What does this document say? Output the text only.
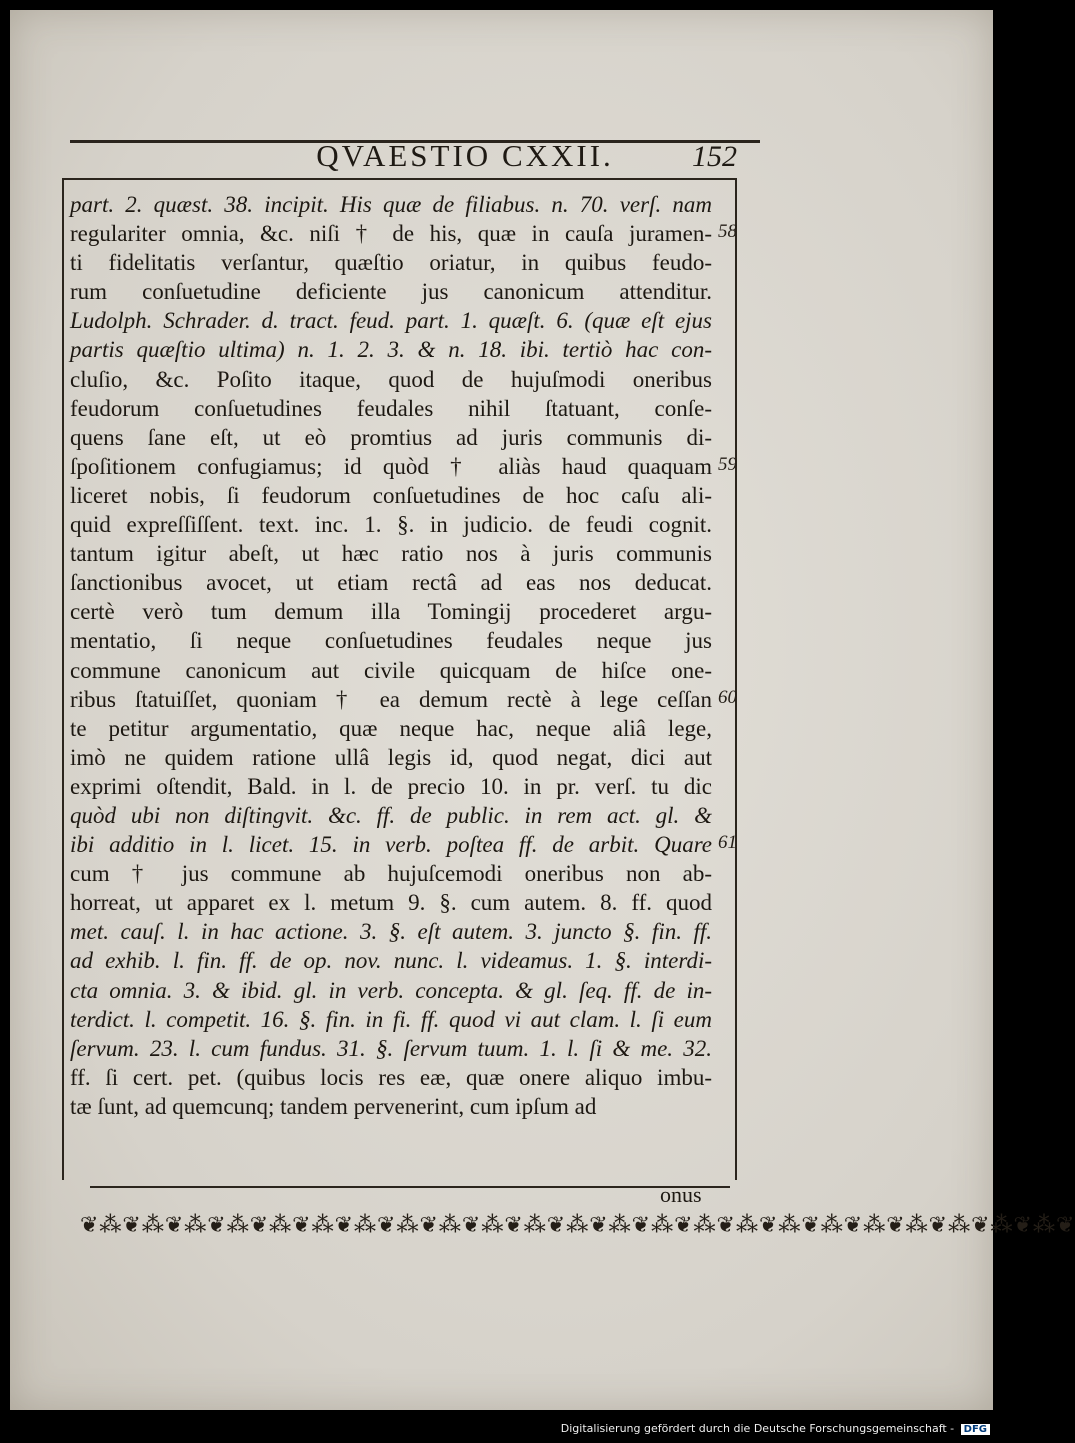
QVAESTIO CXXII.	152
part. 2. quæst. 38. incipit. His quæ de filiabus. n. 70. verſ. nam
regulariter omnia, &c. niſi † de his, quæ in cauſa juramen-
ti fidelitatis verſantur, quæſtio oriatur, in quibus feudo-
rum conſuetudine deficiente jus canonicum attenditur.
Ludolph. Schrader. d. tract. feud. part. 1. quæſt. 6. (quæ eſt ejus
partis quæſtio ultima) n. 1. 2. 3. & n. 18. ibi. tertiò hac con-
cluſio, &c. Poſito itaque, quod de hujuſmodi oneribus
feudorum conſuetudines feudales nihil ſtatuant, conſe-
quens ſane eſt, ut eò promtius ad juris communis di-
ſpoſitionem confugiamus; id quòd † aliàs haud quaquam
liceret nobis, ſi feudorum conſuetudines de hoc caſu ali-
quid expreſſiſſent. text. inc. 1. §. in judicio. de feudi cognit.
tantum igitur abeſt, ut hæc ratio nos à juris communis
ſanctionibus avocet, ut etiam rectâ ad eas nos deducat.
certè verò tum demum illa Tomingij procederet argu-
mentatio, ſi neque conſuetudines feudales neque jus
commune canonicum aut civile quicquam de hiſce one-
ribus ſtatuiſſet, quoniam † ea demum rectè à lege ceſſan
te petitur argumentatio, quæ neque hac, neque aliâ lege,
imò ne quidem ratione ullâ legis id, quod negat, dici aut
exprimi oſtendit, Bald. in l. de precio 10. in pr. verſ. tu dic
quòd ubi non diſtingvit. &c. ff. de public. in rem act. gl. &
ibi additio in l. licet. 15. in verb. poſtea ff. de arbit. Quare
cum † jus commune ab hujuſcemodi oneribus non ab-
horreat, ut apparet ex l. metum 9. §. cum autem. 8. ff. quod
met. cauſ. l. in hac actione. 3. §. eſt autem. 3. juncto §. fin. ff.
ad exhib. l. fin. ff. de op. nov. nunc. l. videamus. 1. §. interdi-
cta omnia. 3. & ibid. gl. in verb. concepta. & gl. ſeq. ff. de in-
terdict. l. competit. 16. §. fin. in fi. ff. quod vi aut clam. l. ſi eum
ſervum. 23. l. cum fundus. 31. §. ſervum tuum. 1. l. ſi & me. 32.
ff. ſi cert. pet. (quibus locis res eæ, quæ onere aliquo imbu-
tæ ſunt, ad quemcunq; tandem pervenerint, cum ipſum ad
58
59
60
61
onus
❦⁂❦⁂❦⁂❦⁂❦⁂❦⁂❦⁂❦⁂❦⁂❦⁂❦⁂❦⁂❦⁂❦⁂❦⁂❦⁂❦⁂❦⁂❦⁂❦⁂❦⁂❦⁂❦⁂❦
Digitalisierung gefördert durch die Deutsche Forschungsgemeinschaft - DFG
